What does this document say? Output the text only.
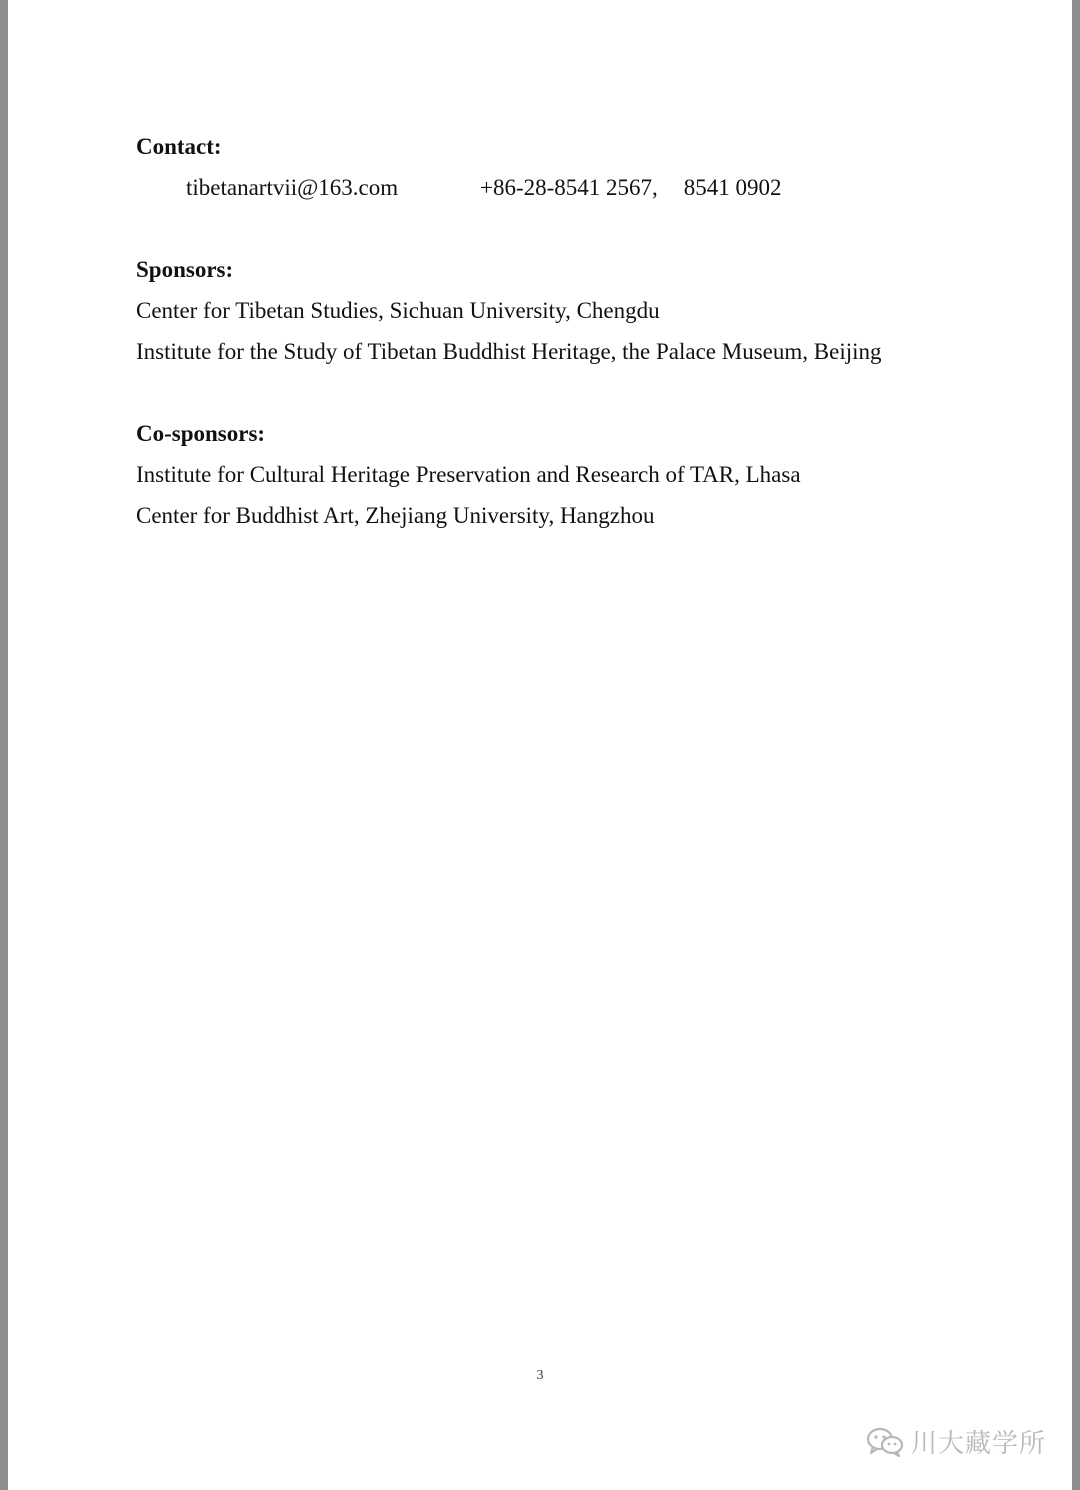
Contact:

tibetanartvii@163.com	+86-28-8541 2567, 8541 0902

Sponsors:

Center for Tibetan Studies, Sichuan University, Chengdu

Institute for the Study of Tibetan Buddhist Heritage, the Palace Museum, Beijing

Co-sponsors:

Institute for Cultural Heritage Preservation and Research of TAR, Lhasa

Center for Buddhist Art, Zhejiang University, Hangzhou

3
川大藏学所
